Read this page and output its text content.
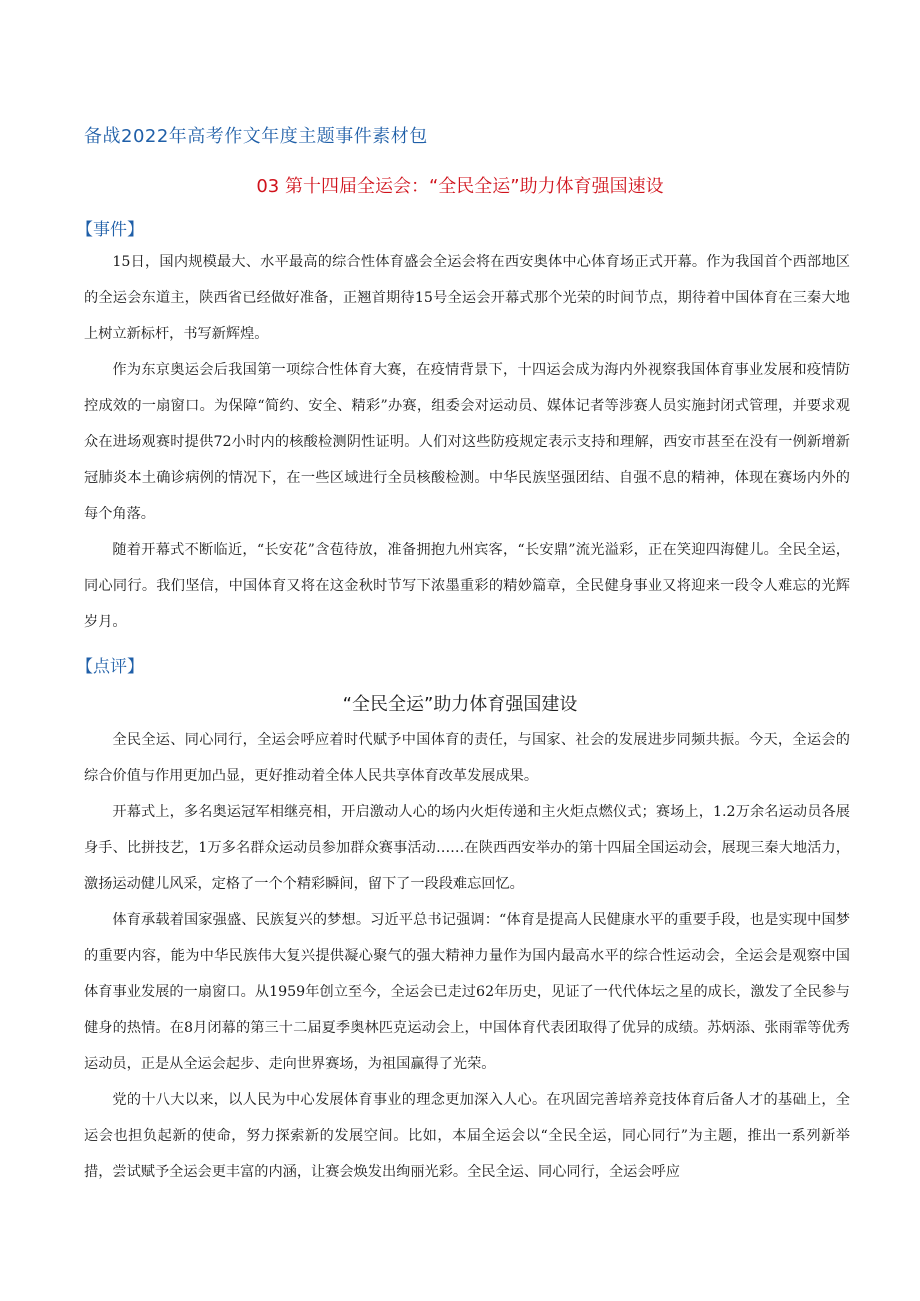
备战2022年高考作文年度主题事件素材包
03 第十四届全运会：“全民全运”助力体育强国速设
【事件】

15日，国内规模最大、水平最高的综合性体育盛会全运会将在西安奥体中心体育场正式开幕。作为我国首个西部地区的全运会东道主，陕西省已经做好准备，正翘首期待15号全运会开幕式那个光荣的时间节点，期待着中国体育在三秦大地上树立新标杆，书写新辉煌。

作为东京奥运会后我国第一项综合性体育大赛，在疫情背景下，十四运会成为海内外视察我国体育事业发展和疫情防控成效的一扇窗口。为保障“简约、安全、精彩”办赛，组委会对运动员、媒体记者等涉赛人员实施封闭式管理，并要求观众在进场观赛时提供72小时内的核酸检测阴性证明。人们对这些防疫规定表示支持和理解，西安市甚至在没有一例新增新冠肺炎本土确诊病例的情况下，在一些区域进行全员核酸检测。中华民族坚强团结、自强不息的精神，体现在赛场内外的每个角落。

随着开幕式不断临近，“长安花”含苞待放，准备拥抱九州宾客，“长安鼎”流光溢彩，正在笑迎四海健儿。全民全运，同心同行。我们坚信，中国体育又将在这金秋时节写下浓墨重彩的精妙篇章，全民健身事业又将迎来一段令人难忘的光辉岁月。

【点评】
“全民全运”助力体育强国建设

全民全运、同心同行，全运会呼应着时代赋予中国体育的责任，与国家、社会的发展进步同频共振。今天，全运会的综合价值与作用更加凸显，更好推动着全体人民共享体育改革发展成果。

开幕式上，多名奥运冠军相继亮相，开启激动人心的场内火炬传递和主火炬点燃仪式；赛场上，1.2万余名运动员各展身手、比拼技艺，1万多名群众运动员参加群众赛事活动……在陕西西安举办的第十四届全国运动会，展现三秦大地活力，激扬运动健儿风采，定格了一个个精彩瞬间，留下了一段段难忘回忆。

体育承载着国家强盛、民族复兴的梦想。习近平总书记强调：“体育是提高人民健康水平的重要手段，也是实现中国梦的重要内容，能为中华民族伟大复兴提供凝心聚气的强大精神力量作为国内最高水平的综合性运动会，全运会是观察中国体育事业发展的一扇窗口。从1959年创立至今，全运会已走过62年历史，见证了一代代体坛之星的成长，激发了全民参与健身的热情。在8月闭幕的第三十二届夏季奥林匹克运动会上，中国体育代表团取得了优异的成绩。苏炳添、张雨霏等优秀运动员，正是从全运会起步、走向世界赛场，为祖国赢得了光荣。

党的十八大以来，以人民为中心发展体育事业的理念更加深入人心。在巩固完善培养竞技体育后备人才的基础上，全运会也担负起新的使命，努力探索新的发展空间。比如，本届全运会以“全民全运，同心同行”为主题，推出一系列新举措，尝试赋予全运会更丰富的内涵，让赛会焕发出绚丽光彩。全民全运、同心同行，全运会呼应
